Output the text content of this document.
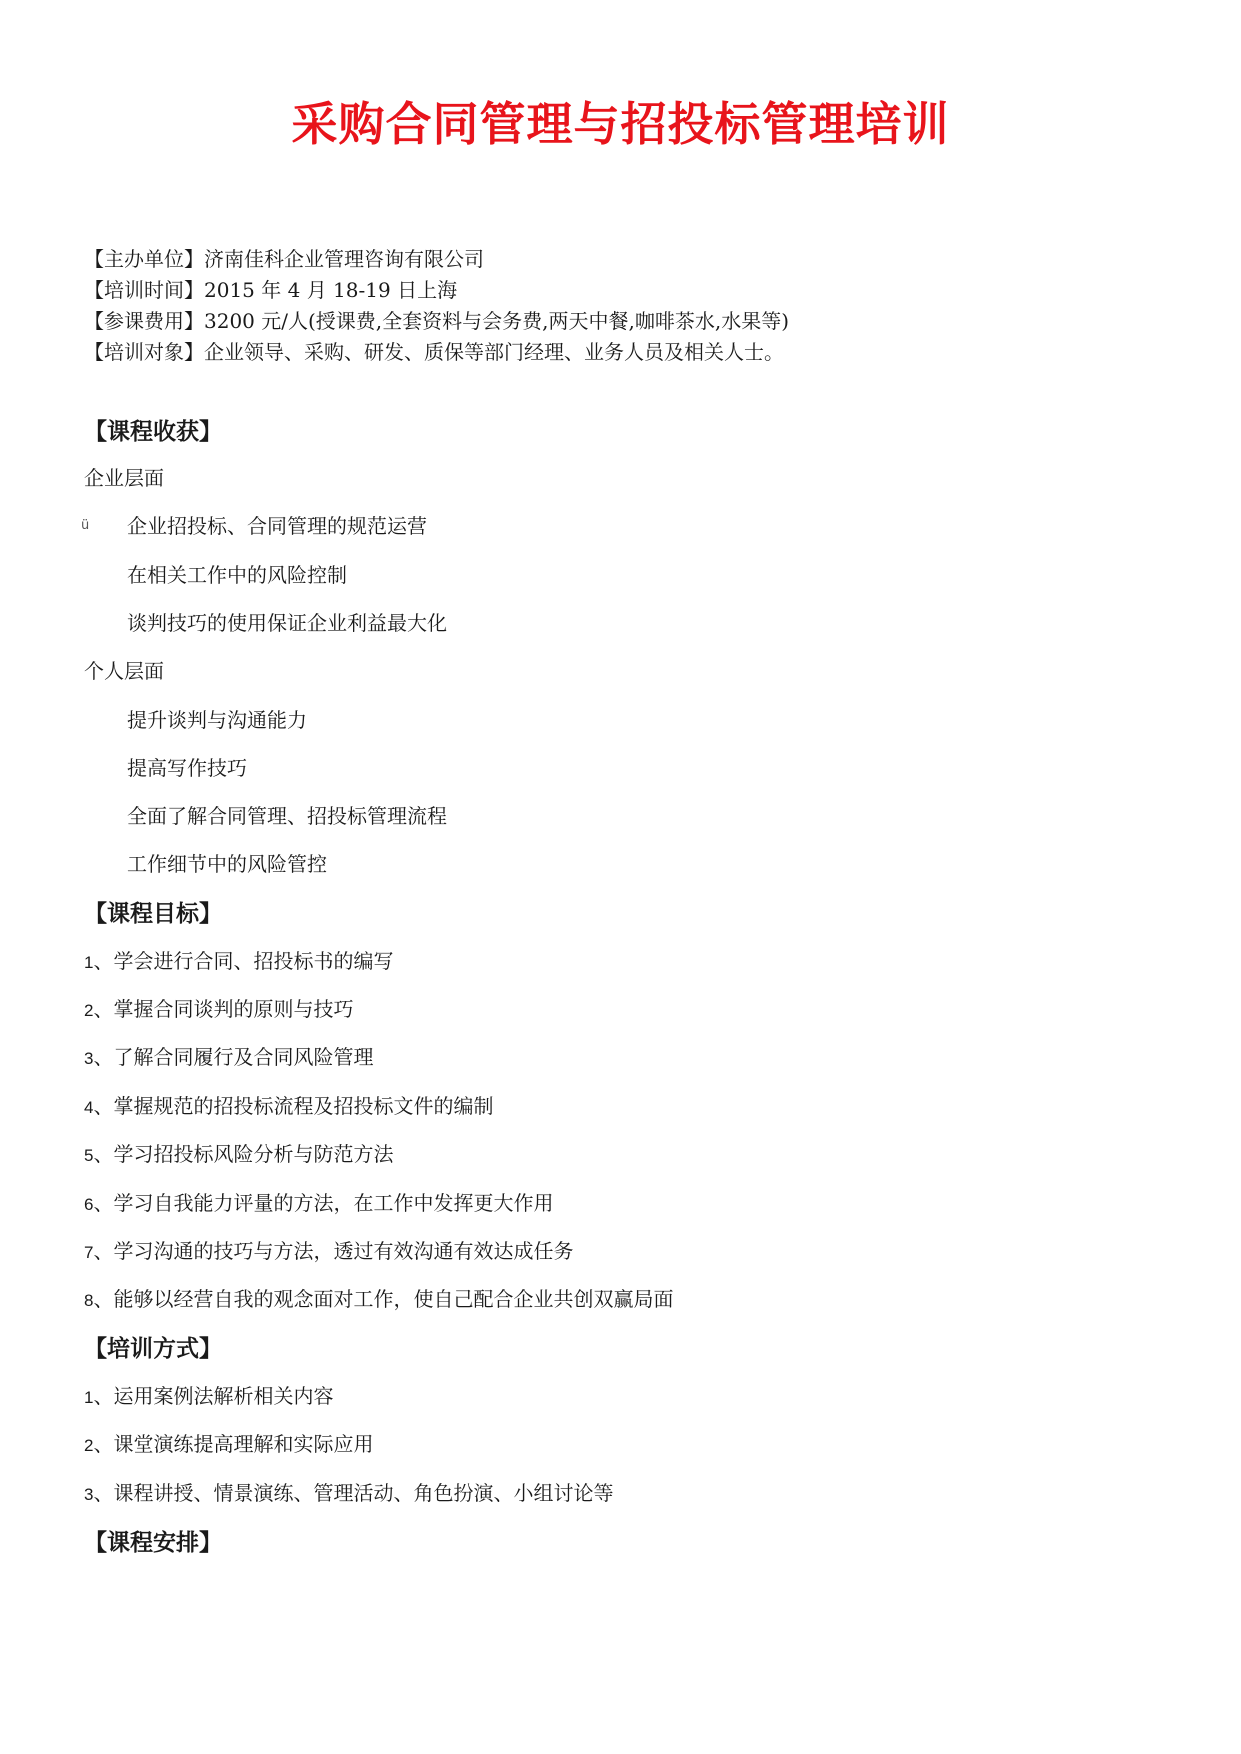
采购合同管理与招投标管理培训
【主办单位】济南佳科企业管理咨询有限公司
【培训时间】2015 年 4 月 18-19 日上海
【参课费用】3200 元/人(授课费,全套资料与会务费,两天中餐,咖啡茶水,水果等)
【培训对象】企业领导、采购、研发、质保等部门经理、业务人员及相关人士。
【课程收获】
企业层面
ü 企业招投标、合同管理的规范运营
在相关工作中的风险控制
谈判技巧的使用保证企业利益最大化
个人层面
提升谈判与沟通能力
提高写作技巧
全面了解合同管理、招投标管理流程
工作细节中的风险管控
【课程目标】
1、学会进行合同、招投标书的编写
2、掌握合同谈判的原则与技巧
3、了解合同履行及合同风险管理
4、掌握规范的招投标流程及招投标文件的编制
5、学习招投标风险分析与防范方法
6、学习自我能力评量的方法，在工作中发挥更大作用
7、学习沟通的技巧与方法，透过有效沟通有效达成任务
8、能够以经营自我的观念面对工作，使自己配合企业共创双赢局面
【培训方式】
1、运用案例法解析相关内容
2、课堂演练提高理解和实际应用
3、课程讲授、情景演练、管理活动、角色扮演、小组讨论等
【课程安排】
